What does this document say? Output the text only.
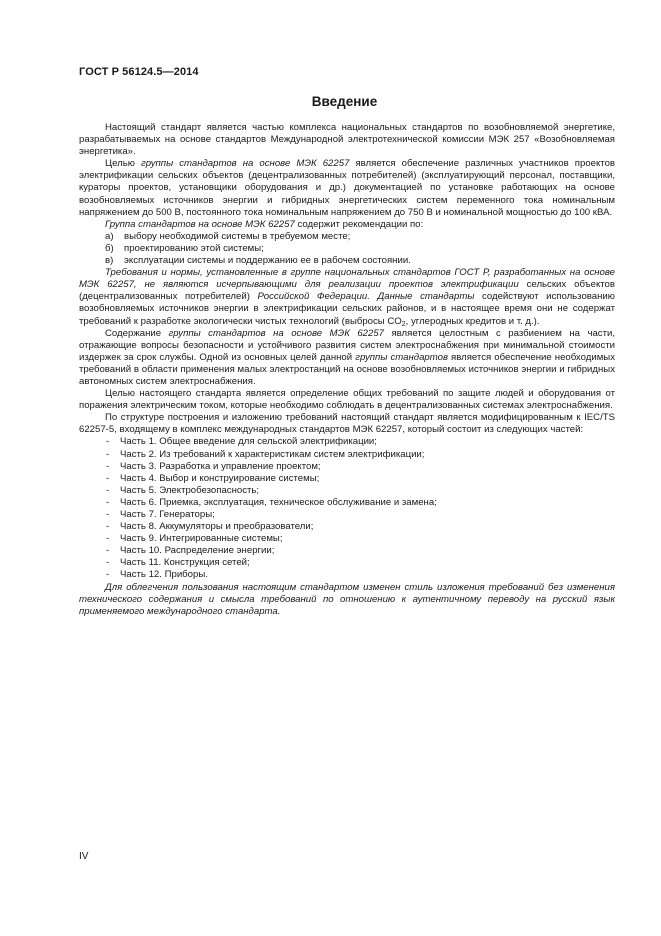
ГОСТ Р 56124.5—2014
Введение

Настоящий стандарт является частью комплекса национальных стандартов по возобновляемой энергетике, разрабатываемых на основе стандартов Международной электротехнической комиссии МЭК 257 «Возобновляемая энергетика».

Целью группы стандартов на основе МЭК 62257 является обеспечение различных участников проектов электрификации сельских объектов (децентрализованных потребителей) (эксплуатирующий персонал, поставщики, кураторы проектов, установщики оборудования и др.) документацией по установке работающих на основе возобновляемых источников энергии и гибридных энергетических систем переменного тока номинальным напряжением до 500 В, постоянного тока номинальным напряжением до 750 В и номинальной мощностью до 100 кВА.

Группа стандартов на основе МЭК 62257 содержит рекомендации по:

а)	выбору необходимой системы в требуемом месте;
б)	проектированию этой системы;
в)	эксплуатации системы и поддержанию ее в рабочем состоянии.

Требования и нормы, установленные в группе национальных стандартов ГОСТ Р, разработанных на основе МЭК 62257, не являются исчерпывающими для реализации проектов электрификации сельских объектов (децентрализованных потребителей) Российской Федерации. Данные стандарты содействуют использованию возобновляемых источников энергии в электрификации сельских районов, и в настоящее время они не содержат требований к разработке экологически чистых технологий (выбросы $CO_2$, углеродных кредитов и т. д.).

Содержание группы стандартов на основе МЭК 62257 является целостным с разбиением на части, отражающие вопросы безопасности и устойчивого развития систем электроснабжения при минимальной стоимости издержек за срок службы. Одной из основных целей данной группы стандартов является обеспечение необходимых требований в области применения малых электростанций на основе возобновляемых источников энергии и гибридных автономных систем электроснабжения.

Целью настоящего стандарта является определение общих требований по защите людей и оборудования от поражения электрическим током, которые необходимо соблюдать в децентрализованных системах электроснабжения.

По структуре построения и изложению требований настоящий стандарт является модифицированным к IEC/TS 62257-5, входящему в комплекс международных стандартов МЭК 62257, который состоит из следующих частей:

-	Часть 1. Общее введение для сельской электрификации;
-	Часть 2. Из требований к характеристикам систем электрификации;
-	Часть 3. Разработка и управление проектом;
-	Часть 4. Выбор и конструирование системы;
-	Часть 5. Электробезопасность;
-	Часть 6. Приемка, эксплуатация, техническое обслуживание и замена;
-	Часть 7. Генераторы;
-	Часть 8. Аккумуляторы и преобразователи;
-	Часть 9. Интегрированные системы;
-	Часть 10. Распределение энергии;
-	Часть 11. Конструкция сетей;
-	Часть 12. Приборы.

Для облегчения пользования настоящим стандартом изменен стиль изложения требований без изменения технического содержания и смысла требований по отношению к аутентичному переводу на русский язык применяемого международного стандарта.

IV
